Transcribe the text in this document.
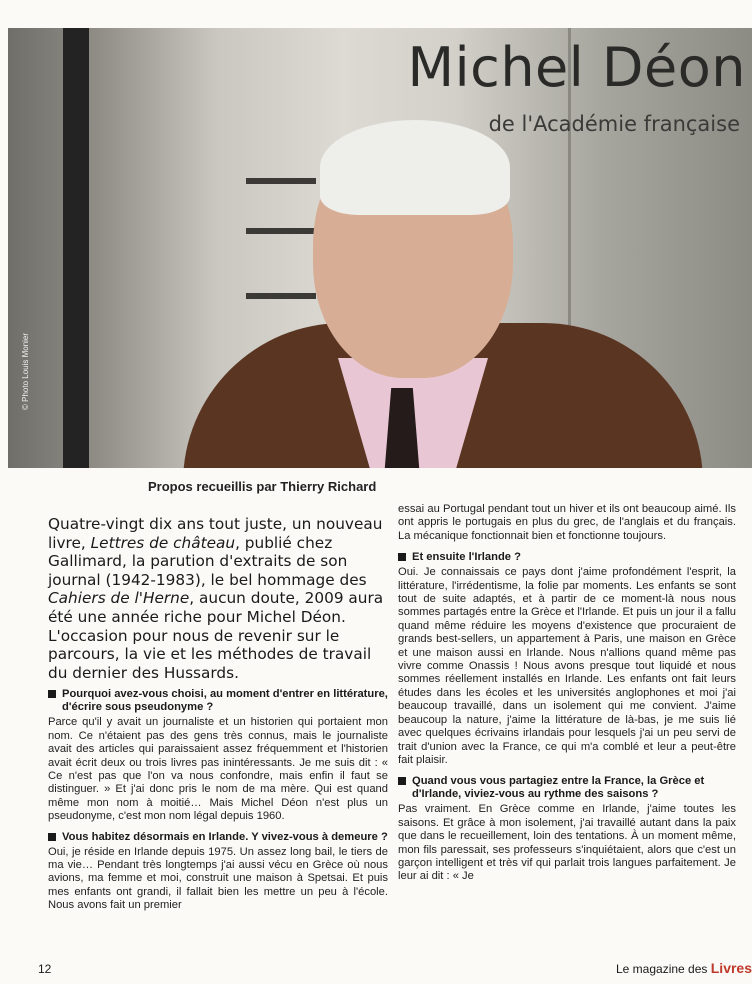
© Photo Louis Monier
Michel Déon
de l'Académie française
Propos recueillis par Thierry Richard

Quatre-vingt dix ans tout juste, un nouveau livre, Lettres de château, publié chez Gallimard, la parution d'extraits de son journal (1942-1983), le bel hommage des Cahiers de l'Herne, aucun doute, 2009 aura été une année riche pour Michel Déon. L'occasion pour nous de revenir sur le parcours, la vie et les méthodes de travail du dernier des Hussards.

Pourquoi avez-vous choisi, au moment d'entrer en littérature, d'écrire sous pseudonyme ?

Parce qu'il y avait un journaliste et un historien qui portaient mon nom. Ce n'étaient pas des gens très connus, mais le journaliste avait des articles qui paraissaient assez fréquemment et l'historien avait écrit deux ou trois livres pas inintéressants. Je me suis dit : « Ce n'est pas que l'on va nous confondre, mais enfin il faut se distinguer. » Et j'ai donc pris le nom de ma mère. Qui est quand même mon nom à moitié… Mais Michel Déon n'est plus un pseudonyme, c'est mon nom légal depuis 1960.

Vous habitez désormais en Irlande. Y vivez-vous à demeure ?

Oui, je réside en Irlande depuis 1975. Un assez long bail, le tiers de ma vie… Pendant très longtemps j'ai aussi vécu en Grèce où nous avions, ma femme et moi, construit une maison à Spetsai. Et puis mes enfants ont grandi, il fallait bien les mettre un peu à l'école. Nous avons fait un premier

essai au Portugal pendant tout un hiver et ils ont beaucoup aimé. Ils ont appris le portugais en plus du grec, de l'anglais et du français. La mécanique fonctionnait bien et fonctionne toujours.

Et ensuite l'Irlande ?

Oui. Je connaissais ce pays dont j'aime profondément l'esprit, la littérature, l'irrédentisme, la folie par moments. Les enfants se sont tout de suite adaptés, et à partir de ce moment-là nous nous sommes partagés entre la Grèce et l'Irlande. Et puis un jour il a fallu quand même réduire les moyens d'existence que procuraient de grands best-sellers, un appartement à Paris, une maison en Grèce et une maison aussi en Irlande. Nous n'allions quand même pas vivre comme Onassis ! Nous avons presque tout liquidé et nous sommes réellement installés en Irlande. Les enfants ont fait leurs études dans les écoles et les universités anglophones et moi j'ai beaucoup travaillé, dans un isolement qui me convient. J'aime beaucoup la nature, j'aime la littérature de là-bas, je me suis lié avec quelques écrivains irlandais pour lesquels j'ai un peu servi de trait d'union avec la France, ce qui m'a comblé et leur a peut-être fait plaisir.

Quand vous vous partagiez entre la France, la Grèce et d'Irlande, viviez-vous au rythme des saisons ?

Pas vraiment. En Grèce comme en Irlande, j'aime toutes les saisons. Et grâce à mon isolement, j'ai travaillé autant dans la paix que dans le recueillement, loin des tentations. À un moment même, mon fils paressait, ses professeurs s'inquiétaient, alors que c'est un garçon intelligent et très vif qui parlait trois langues parfaitement. Je leur ai dit : « Je

12	Le magazine des Livres
